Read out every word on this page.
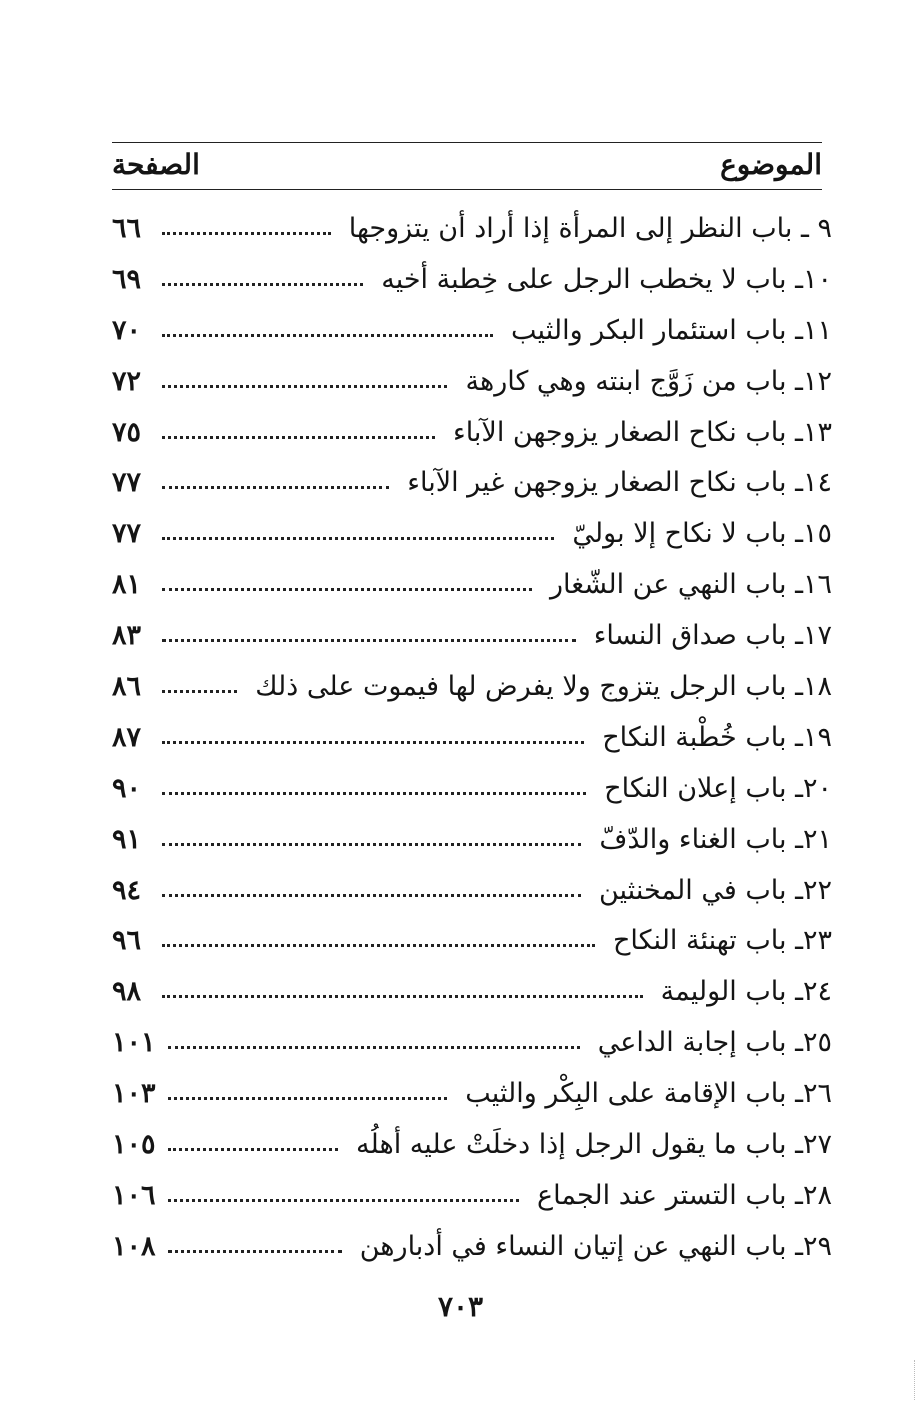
الموضوع
الصفحة
٩ ـ باب النظر إلى المرأة إذا أراد أن يتزوجها
٦٦
١٠ـ باب لا يخطب الرجل على خِطبة أخيه
٦٩
١١ـ باب استئمار البكر والثيب
٧٠
١٢ـ باب من زَوَّج ابنته وهي كارهة
٧٢
١٣ـ باب نكاح الصغار يزوجهن الآباء
٧٥
١٤ـ باب نكاح الصغار يزوجهن غير الآباء
٧٧
١٥ـ باب لا نكاح إلا بوليّ
٧٧
١٦ـ باب النهي عن الشّغار
٨١
١٧ـ باب صداق النساء
٨٣
١٨ـ باب الرجل يتزوج ولا يفرض لها فيموت على ذلك
٨٦
١٩ـ باب خُطْبة النكاح
٨٧
٢٠ـ باب إعلان النكاح
٩٠
٢١ـ باب الغناء والدّفّ
٩١
٢٢ـ باب في المخنثين
٩٤
٢٣ـ باب تهنئة النكاح
٩٦
٢٤ـ باب الوليمة
٩٨
٢٥ـ باب إجابة الداعي
١٠١
٢٦ـ باب الإقامة على البِكْر والثيب
١٠٣
٢٧ـ باب ما يقول الرجل إذا دخلَتْ عليه أهلُه
١٠٥
٢٨ـ باب التستر عند الجماع
١٠٦
٢٩ـ باب النهي عن إتيان النساء في أدبارهن
١٠٨
٧٠٣
